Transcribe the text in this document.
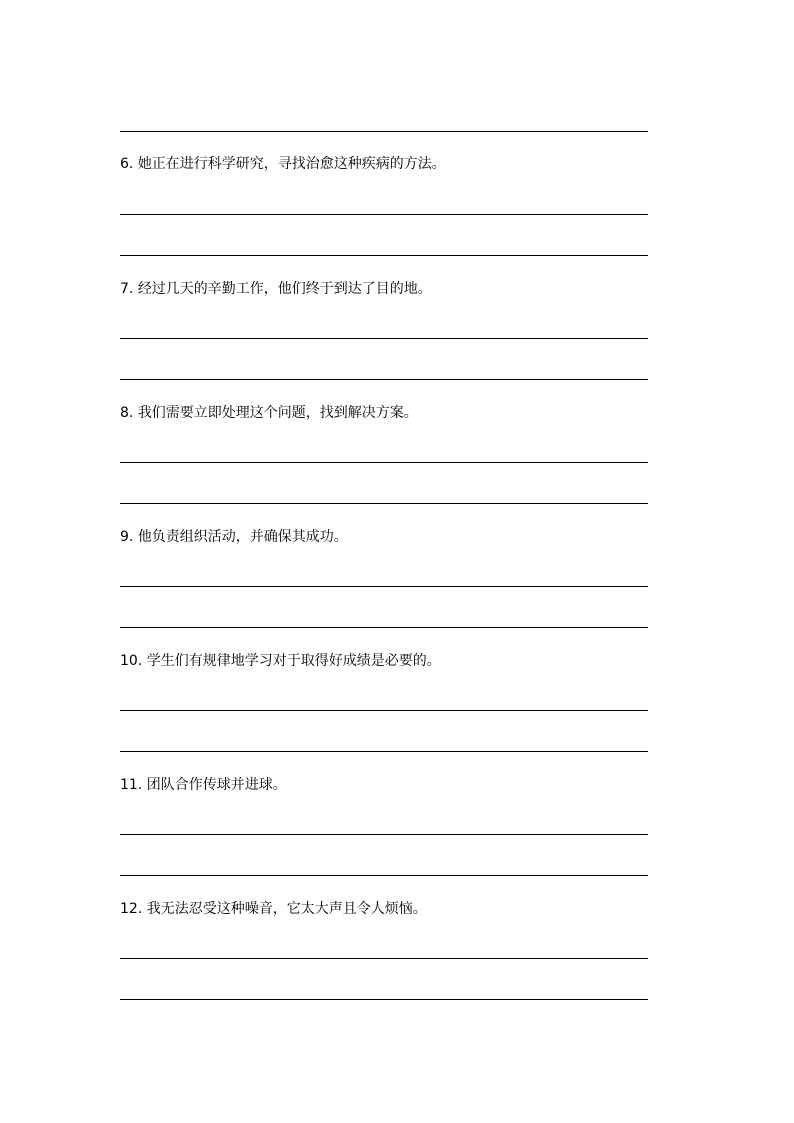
6. 她正在进行科学研究，寻找治愈这种疾病的方法。
7. 经过几天的辛勤工作，他们终于到达了目的地。
8. 我们需要立即处理这个问题，找到解决方案。
9. 他负责组织活动，并确保其成功。
10. 学生们有规律地学习对于取得好成绩是必要的。
11. 团队合作传球并进球。
12. 我无法忍受这种噪音，它太大声且令人烦恼。
